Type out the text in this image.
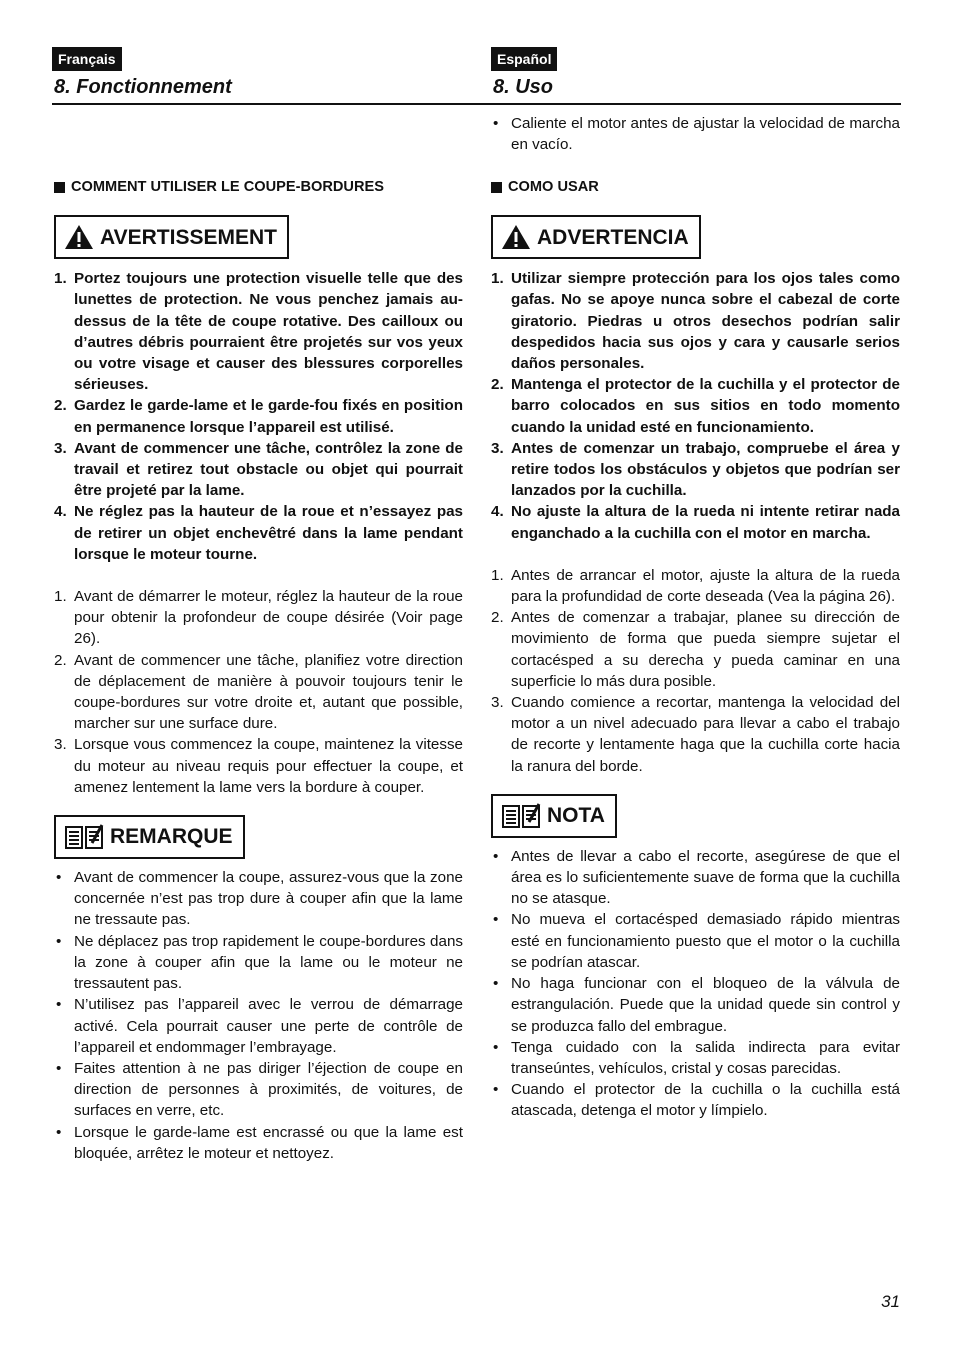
Français	Español
8. Fonctionnement	8. Uso
• Caliente el motor antes de ajustar la velocidad de marcha en vacío.
COMMENT UTILISER LE COUPE-BORDURES
AVERTISSEMENT
1. Portez toujours une protection visuelle telle que des lunettes de protection. Ne vous penchez jamais au-dessus de la tête de coupe rotative. Des cailloux ou d’autres débris pourraient être projetés sur vos yeux ou votre visage et causer des blessures corporelles sérieuses.
2. Gardez le garde-lame et le garde-fou fixés en position en permanence lorsque l’appareil est utilisé.
3. Avant de commencer une tâche, contrôlez la zone de travail et retirez tout obstacle ou objet qui pourrait être projeté par la lame.
4. Ne réglez pas la hauteur de la roue et n’essayez pas de retirer un objet enchevêtré dans la lame pendant lorsque le moteur tourne.
1. Avant de démarrer le moteur, réglez la hauteur de la roue pour obtenir la profondeur de coupe désirée (Voir page 26).
2. Avant de commencer une tâche, planifiez votre direction de déplacement de manière à pouvoir toujours tenir le coupe-bordures sur votre droite et, autant que possible, marcher sur une surface dure.
3. Lorsque vous commencez la coupe, maintenez la vitesse du moteur au niveau requis pour effectuer la coupe, et amenez lentement la lame vers la bordure à couper.
REMARQUE
• Avant de commencer la coupe, assurez-vous que la zone concernée n’est pas trop dure à couper afin que la lame ne tressaute pas.
• Ne déplacez pas trop rapidement le coupe-bordures dans la zone à couper afin que la lame ou le moteur ne tressautent pas.
• N’utilisez pas l’appareil avec le verrou de démarrage activé. Cela pourrait causer une perte de contrôle de l’appareil et endommager l’embrayage.
• Faites attention à ne pas diriger l’éjection de coupe en direction de personnes à proximités, de voitures, de surfaces en verre, etc.
• Lorsque le garde-lame est encrassé ou que la lame est bloquée, arrêtez le moteur et nettoyez.
COMO USAR
ADVERTENCIA
1. Utilizar siempre protección para los ojos tales como gafas. No se apoye nunca sobre el cabezal de corte giratorio. Piedras u otros desechos podrían salir despedidos hacia sus ojos y cara y causarle serios daños personales.
2. Mantenga el protector de la cuchilla y el protector de barro colocados en sus sitios en todo momento cuando la unidad esté en funcionamiento.
3. Antes de comenzar un trabajo, compruebe el área y retire todos los obstáculos y objetos que podrían ser lanzados por la cuchilla.
4. No ajuste la altura de la rueda ni intente retirar nada enganchado a la cuchilla con el motor en marcha.
1. Antes de arrancar el motor, ajuste la altura de la rueda para la profundidad de corte deseada (Vea la página 26).
2. Antes de comenzar a trabajar, planee su dirección de movimiento de forma que pueda siempre sujetar el cortacésped a su derecha y pueda caminar en una superficie lo más dura posible.
3. Cuando comience a recortar, mantenga la velocidad del motor a un nivel adecuado para llevar a cabo el trabajo de recorte y lentamente haga que la cuchilla corte hacia la ranura del borde.
NOTA
• Antes de llevar a cabo el recorte, asegúrese de que el área es lo suficientemente suave de forma que la cuchilla no se atasque.
• No mueva el cortacésped demasiado rápido mientras esté en funcionamiento puesto que el motor o la cuchilla se podrían atascar.
• No haga funcionar con el bloqueo de la válvula de estrangulación. Puede que la unidad quede sin control y se produzca fallo del embrague.
• Tenga cuidado con la salida indirecta para evitar transeúntes, vehículos, cristal y cosas parecidas.
• Cuando el protector de la cuchilla o la cuchilla está atascada, detenga el motor y límpielo.
31
